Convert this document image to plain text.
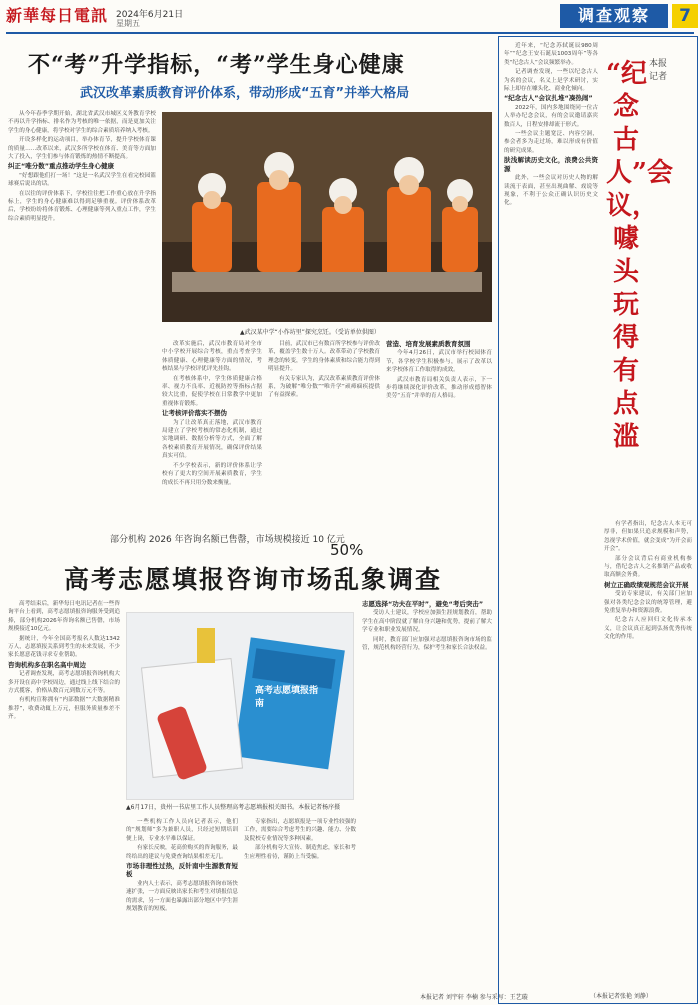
新華每日電訊 2024年6月21日
星期五	调查观察	7
不“考”升学指标，“考”学生身心健康
武汉改革素质教育评价体系，带动形成“五育”并举大格局

从今年春季学期开始，湖北省武汉市城区义务教育学校不再以升学指标、排名作为考核的唯一依据，而是更加关注学生的身心健康，将学校对学生的综合素质培养纳入考核。

开设多样化的运动项目，举办体育节，提升学校体育课的质量……改革以来，武汉多所学校在体育、美育等方面加大了投入，学生们参与体育锻炼的热情不断提高。

纠正“唯分数”重点推动学生身心健康

“好想跟他们打一场！”这是一名武汉学生在看完校园篮球赛后说出的话。

在以往的评价体系下，学校往往把工作重心放在升学指标上，学生的身心健康难以得到足够重视。评价体系改革后，学校纷纷将体育锻炼、心理健康等列入重点工作，学生综合素质明显提升。

▲武汉某中学“小作坊里”探究烹饪。（受访单位供图）

改革实施后，武汉市教育局对全市中小学校开展综合考核，重点考查学生体质健康、心理健康等方面的情况，考核结果与学校评优评先挂钩。

在考核体系中，学生体质健康合格率、视力不良率、近视防控等指标占据较大比重，促使学校在日常教学中更加重视体育锻炼。

让考核评价落实不摆伪

为了让改革真正落地，武汉市教育局建立了学校考核的常态化机制，通过实地调研、数据分析等方式，全面了解各校素质教育开展情况，确保评价结果真实可信。

不少学校表示，新的评价体系让学校有了更大的空间开展素质教育，学生的成长不再只用分数来衡量。

目前，武汉市已有数百所学校参与评价改革，覆盖学生数十万人。改革带动了学校教育理念的转变，学生的身体素质和综合能力得到明显提升。

有关专家认为，武汉改革素质教育评价体系，为破解“唯分数”“唯升学”顽瘴痼疾提供了有益探索。

营造、培育发展素质教育氛围

今年4月26日，武汉市举行校园体育节，各学校学生积极参与，展示了改革以来学校体育工作取得的成效。

武汉市教育局相关负责人表示，下一步将继续深化评价改革，推动形成德智体美劳“五育”并举的育人格局。

部分机构 2026 年咨询名额已售罄，市场规模接近 10 亿元
50%
高考志愿填报咨询市场乱象调查

高考结束后，新华每日电讯记者在一些咨询平台上看到，高考志愿填报咨询服务受到追捧，部分机构2026年咨询名额已售罄，市场规模接近10亿元。

据统计，今年全国高考报名人数达1342万人，志愿填报关系到考生的未来发展，不少家长愿意花钱寻求专业帮助。

咨询机构多在职名高中周边

记者调查发现，高考志愿填报咨询机构大多开设在高中学校周边，通过线上线下结合的方式揽客，价格从数百元到数万元不等。

有机构宣称拥有“内部数据”“大数据精准推荐”，收费动辄上万元，但服务质量参差不齐。

高考志愿填报指南
▲6月17日，贵州一书店里工作人员整理高考志愿填报相关图书。本报记者杨序摄

一些机构工作人员向记者表示，他们的“规划师”多为兼职人员，只经过短期培训便上岗，专业水平难以保证。

有家长反映，花高价购买的咨询服务，最终给出的建议与免费查询结果相差无几。

市场非理性过热，反针南中生源教育短板

业内人士表示，高考志愿填报咨询市场快速扩张，一方面反映出家长和考生对填报信息的需求，另一方面也暴露出部分地区中学生涯规划教育的短板。

专家指出，志愿填报是一项专业性较强的工作，需要综合考虑考生的兴趣、能力、分数及院校专业情况等多种因素。

部分机构夸大宣传、制造焦虑，家长和考生应理性看待，谨防上当受骗。

志愿选择“功夫在平时”，避免“考后突击”

受访人士建议，学校应加强生涯规划教育，帮助学生在高中阶段就了解自身兴趣和优势，提前了解大学专业和职业发展情况。

同时，教育部门应加强对志愿填报咨询市场的监管，规范机构经营行为，保护考生和家长合法权益。

本报记者 刘宇轩 李楠 参与采写：王艺璇
“纪念古人”会议，噱头玩得有点滥
本报记者

近年来，“纪念苏轼诞辰980周年”“纪念王安石诞辰1003周年”等各类“纪念古人”会议频繁举办。

记者调查发现，一些以纪念古人为名的会议，名义上是学术研讨，实际上却存在噱头化、商业化倾向。

“纪念古人”会议扎堆“凑热闹”

2022年，国内多地围绕同一位古人举办纪念会议，有的会议邀请嘉宾数百人，日程安排却流于形式。

一些会议主题宽泛、内容空洞，参会者多为走过场，难以形成有价值的研究成果。

肤浅解读历史文化，浪费公共资源

此外，一些会议对历史人物的解读流于表面，甚至出现曲解、戏说等现象，不利于公众正确认识历史文化。

有学者指出，纪念古人本无可厚非，但如果只追求规模和声势，忽视学术价值，就会变成“为开会而开会”。

部分会议背后有商业机构参与，借纪念古人之名推销产品或收取高额会务费。

树立正确政绩观规范会议开展

受访专家建议，有关部门应加强对各类纪念会议的统筹管理，避免重复举办和资源浪费。

纪念古人应回归文化传承本义，让会议真正起到弘扬优秀传统文化的作用。

（本报记者张艳 刘静）
